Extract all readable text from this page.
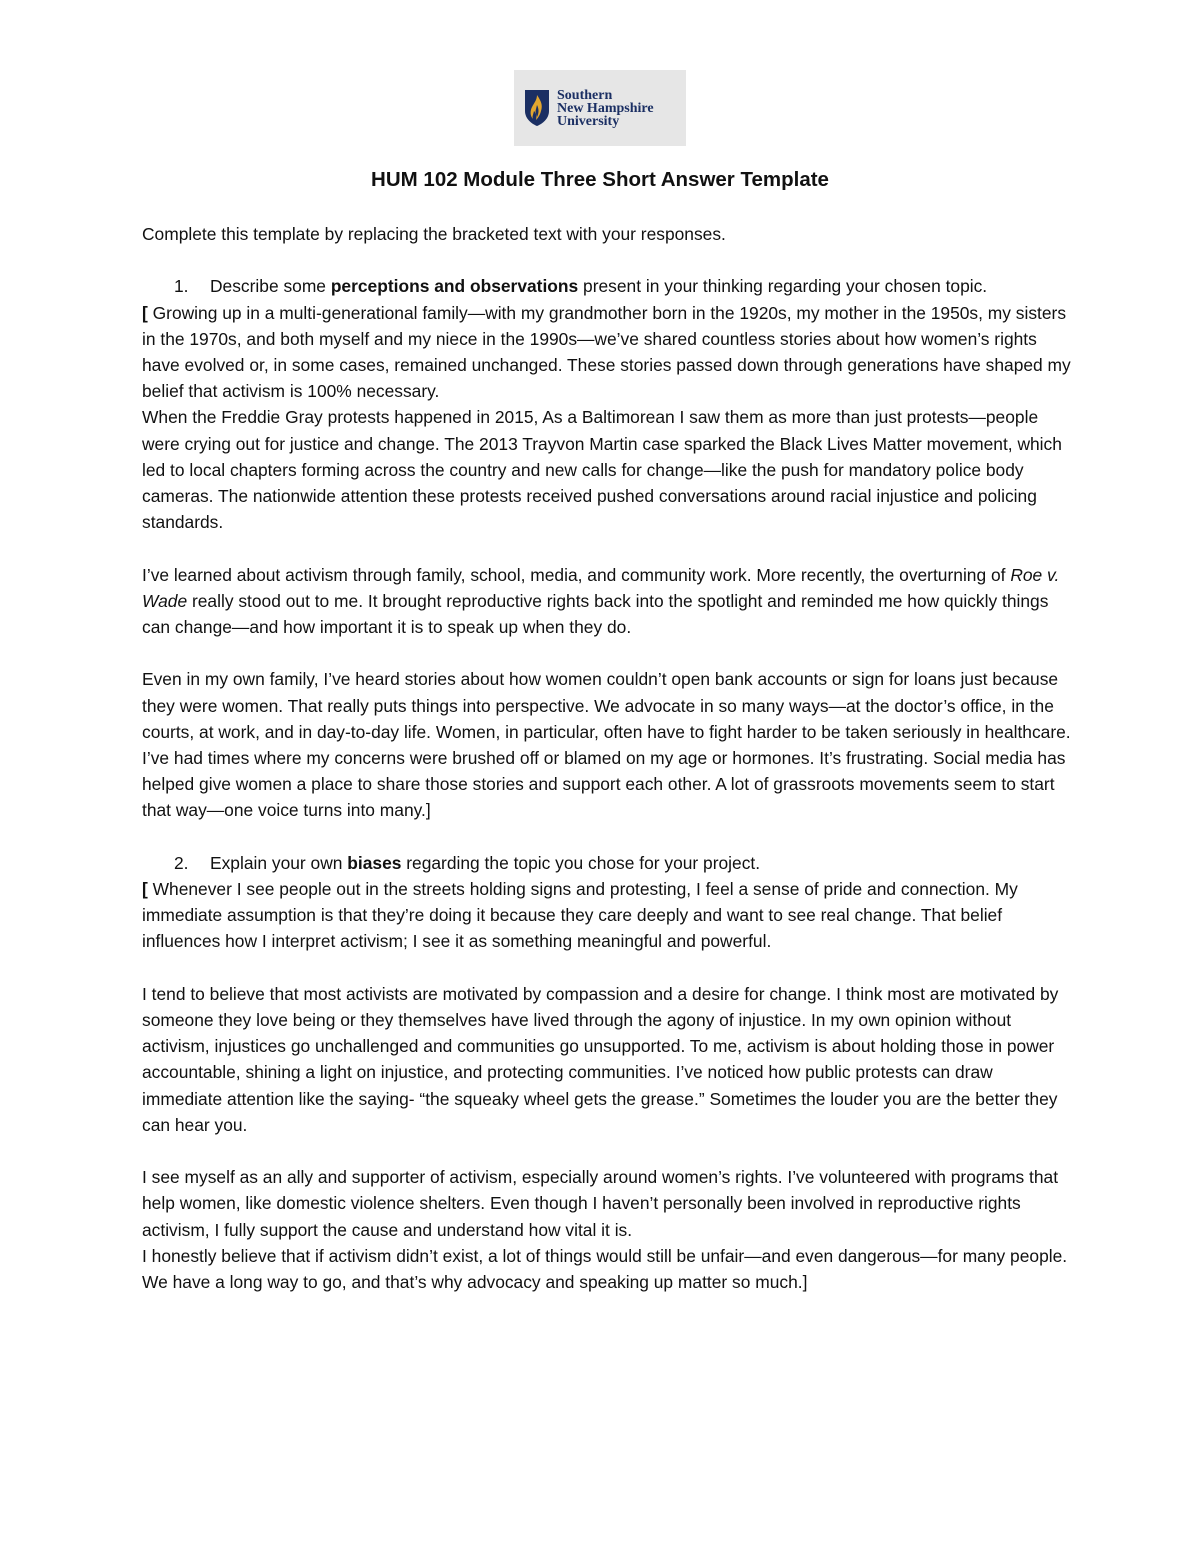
Southern
New Hampshire
University
HUM 102 Module Three Short Answer Template

Complete this template by replacing the bracketed text with your responses.

1. Describe some perceptions and observations present in your thinking regarding your chosen topic.

[ Growing up in a multi-generational family—with my grandmother born in the 1920s, my mother in the 1950s, my sisters in the 1970s, and both myself and my niece in the 1990s—we’ve shared countless stories about how women’s rights have evolved or, in some cases, remained unchanged. These stories passed down through generations have shaped my belief that activism is 100% necessary.

When the Freddie Gray protests happened in 2015, As a Baltimorean I saw them as more than just protests—people were crying out for justice and change. The 2013 Trayvon Martin case sparked the Black Lives Matter movement, which led to local chapters forming across the country and new calls for change—like the push for mandatory police body cameras. The nationwide attention these protests received pushed conversations around racial injustice and policing standards.

I’ve learned about activism through family, school, media, and community work. More recently, the overturning of Roe v. Wade really stood out to me. It brought reproductive rights back into the spotlight and reminded me how quickly things can change—and how important it is to speak up when they do.

Even in my own family, I’ve heard stories about how women couldn’t open bank accounts or sign for loans just because they were women. That really puts things into perspective. We advocate in so many ways—at the doctor’s office, in the courts, at work, and in day-to-day life. Women, in particular, often have to fight harder to be taken seriously in healthcare. I’ve had times where my concerns were brushed off or blamed on my age or hormones. It’s frustrating. Social media has helped give women a place to share those stories and support each other. A lot of grassroots movements seem to start that way—one voice turns into many.]

2. Explain your own biases regarding the topic you chose for your project.

[ Whenever I see people out in the streets holding signs and protesting, I feel a sense of pride and connection. My immediate assumption is that they’re doing it because they care deeply and want to see real change. That belief influences how I interpret activism; I see it as something meaningful and powerful.

I tend to believe that most activists are motivated by compassion and a desire for change. I think most are motivated by someone they love being or they themselves have lived through the agony of injustice. In my own opinion without activism, injustices go unchallenged and communities go unsupported. To me, activism is about holding those in power accountable, shining a light on injustice, and protecting communities. I’ve noticed how public protests can draw immediate attention like the saying- “the squeaky wheel gets the grease.” Sometimes the louder you are the better they can hear you.

I see myself as an ally and supporter of activism, especially around women’s rights. I’ve volunteered with programs that help women, like domestic violence shelters. Even though I haven’t personally been involved in reproductive rights activism, I fully support the cause and understand how vital it is.

I honestly believe that if activism didn’t exist, a lot of things would still be unfair—and even dangerous—for many people. We have a long way to go, and that’s why advocacy and speaking up matter so much.]
